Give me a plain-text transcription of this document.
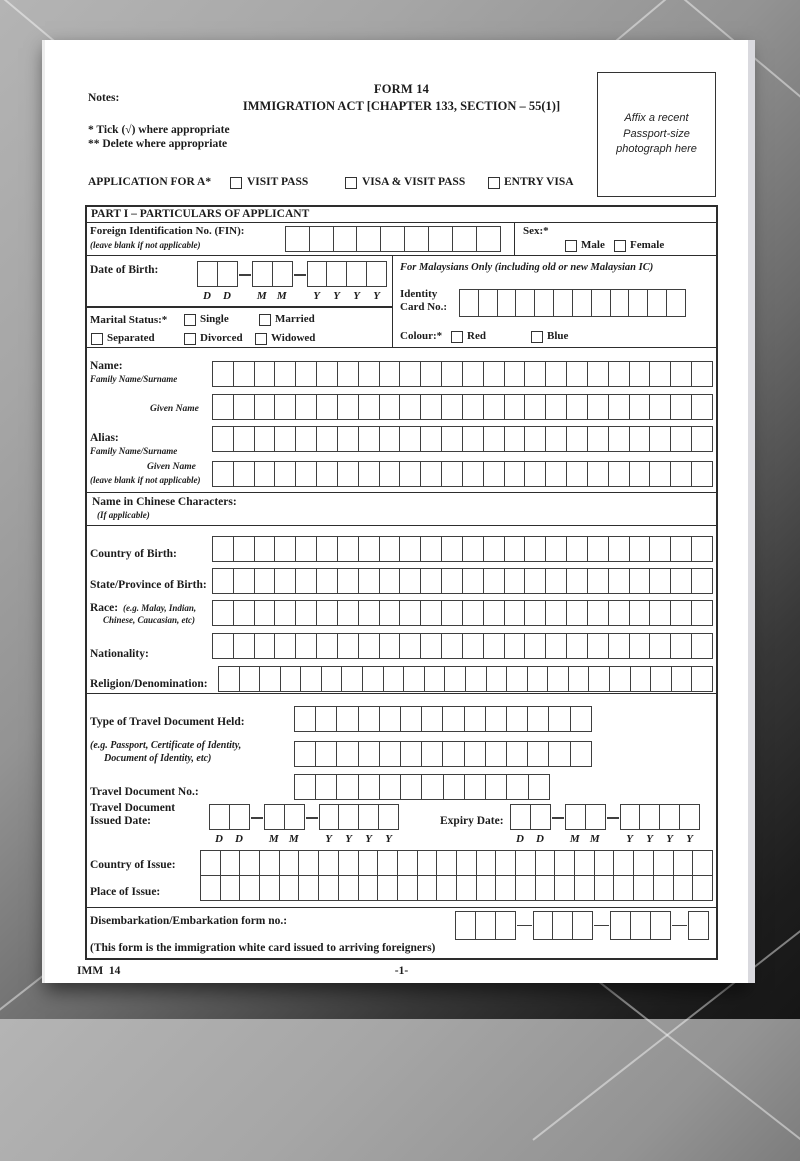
Notes:
FORM 14
IMMIGRATION ACT [CHAPTER 133, SECTION – 55(1)]
* Tick (√) where appropriate
** Delete where appropriate
Affix a recent
Passport-size
photograph here
APPLICATION FOR A*	VISIT PASS	VISA & VISIT PASS	ENTRY VISA
PART I – PARTICULARS OF APPLICANT
Foreign Identification No. (FIN):
(leave blank if not applicable)
Sex:*
Male Female
Date of Birth:
D	D	M M	Y	Y	Y	Y
Marital Status:*	Single	Married
Separated	Divorced	Widowed
For Malaysians Only (including old or new Malaysian IC)
Identity
Card No.:
Colour:* Red	Blue
Name:
Family Name/Surname
Given Name
Alias:
Family Name/Surname
Given Name
(leave blank if not applicable)
Name in Chinese Characters:
(If applicable)
Country of Birth:
State/Province of Birth:
Race: (e.g. Malay, Indian,
Chinese, Caucasian, etc)
Nationality:
Religion/Denomination:
Type of Travel Document Held:
(e.g. Passport, Certificate of Identity,
Document of Identity, etc)
Travel Document No.:
Travel Document
Issued Date:
D	D	M M	Y	Y	Y	Y
Expiry Date:
D	D	M M	Y	Y	Y	Y
Country of Issue:
Place of Issue:
Disembarkation/Embarkation form no.:
(This form is the immigration white card issued to arriving foreigners)
IMM  14	-1-
